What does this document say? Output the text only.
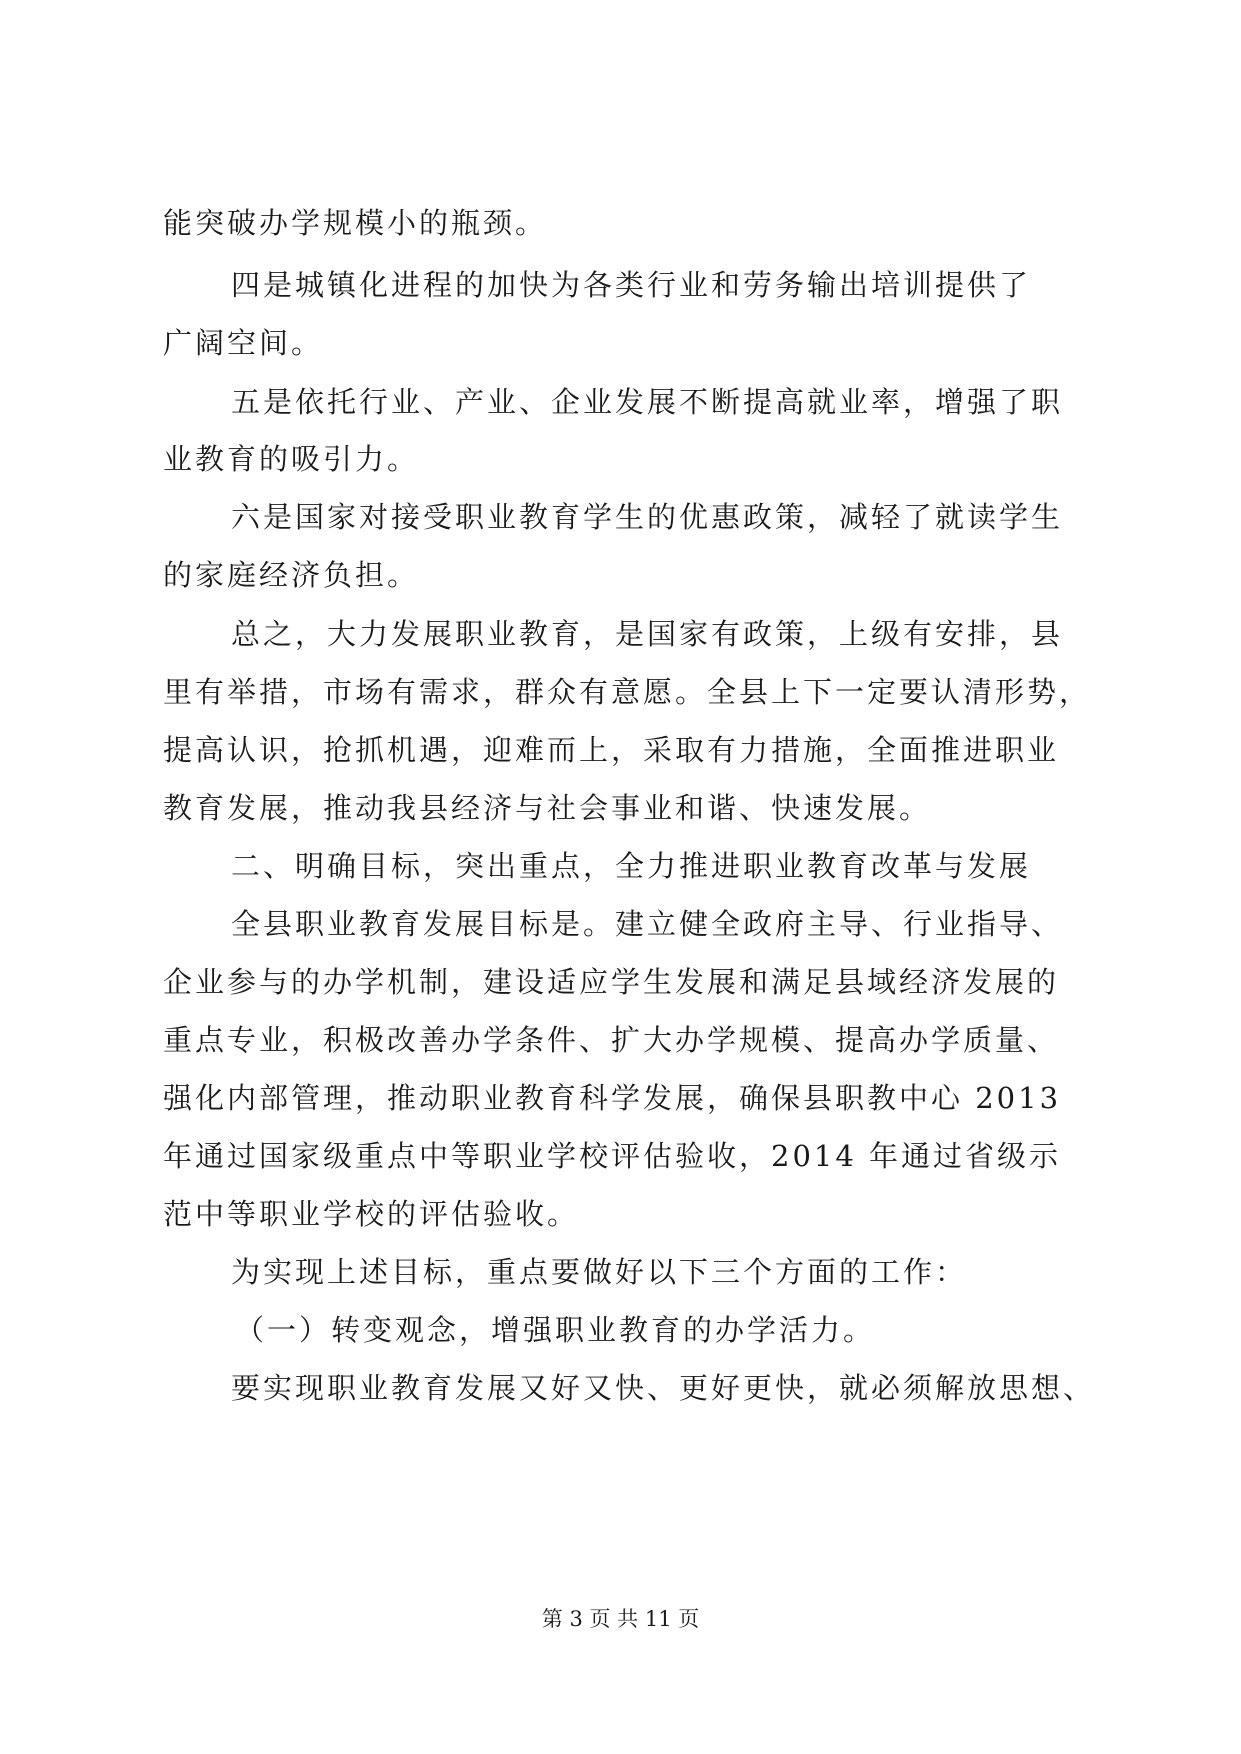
能突破办学规模小的瓶颈。
四是城镇化进程的加快为各类行业和劳务输出培训提供了
广阔空间。
五是依托行业、产业、企业发展不断提高就业率，增强了职
业教育的吸引力。
六是国家对接受职业教育学生的优惠政策，减轻了就读学生
的家庭经济负担。
总之，大力发展职业教育，是国家有政策，上级有安排，县
里有举措，市场有需求，群众有意愿。全县上下一定要认清形势，
提高认识，抢抓机遇，迎难而上，采取有力措施，全面推进职业
教育发展，推动我县经济与社会事业和谐、快速发展。
二、明确目标，突出重点，全力推进职业教育改革与发展
全县职业教育发展目标是。建立健全政府主导、行业指导、
企业参与的办学机制，建设适应学生发展和满足县域经济发展的
重点专业，积极改善办学条件、扩大办学规模、提高办学质量、
强化内部管理，推动职业教育科学发展，确保县职教中心 2013
年通过国家级重点中等职业学校评估验收，2014 年通过省级示
范中等职业学校的评估验收。
为实现上述目标，重点要做好以下三个方面的工作：
（一）转变观念，增强职业教育的办学活力。
要实现职业教育发展又好又快、更好更快，就必须解放思想、
第 3 页 共 11 页
